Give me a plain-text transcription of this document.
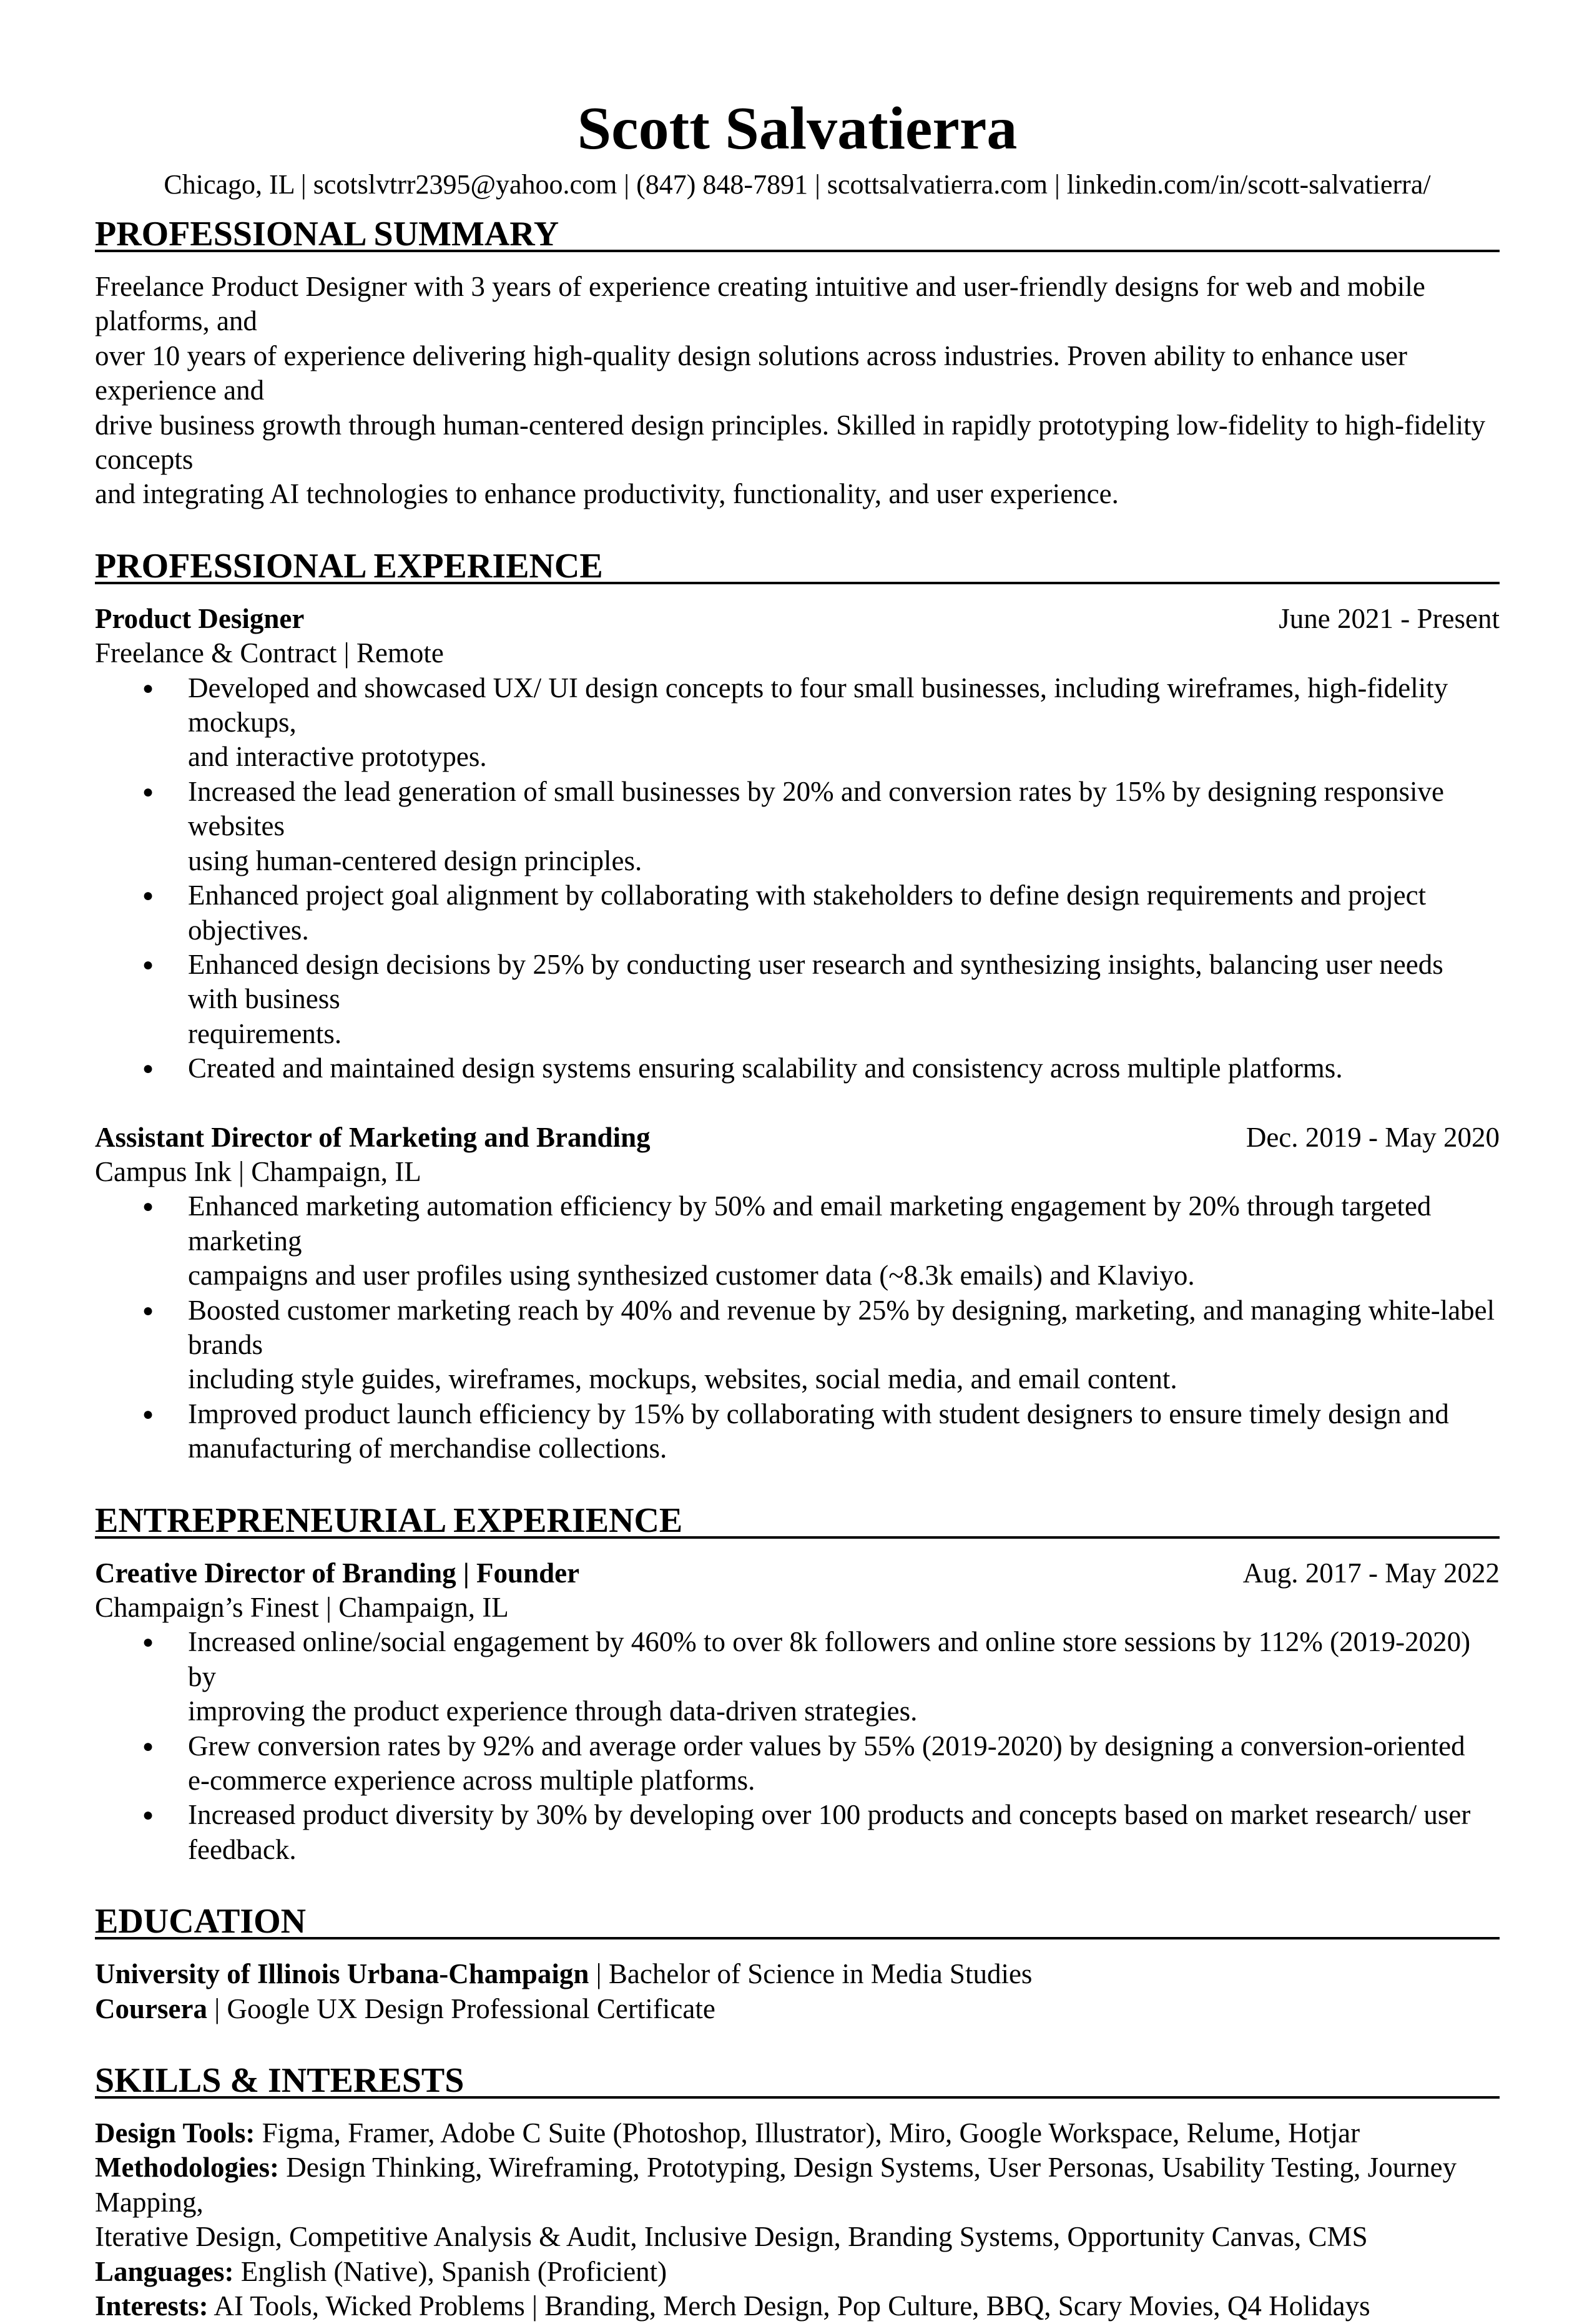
Scott Salvatierra
Chicago, IL | scotslvtrr2395@yahoo.com | (847) 848-7891 | scottsalvatierra.com | linkedin.com/in/scott-salvatierra/
PROFESSIONAL SUMMARY
Freelance Product Designer with 3 years of experience creating intuitive and user-friendly designs for web and mobile platforms, and
over 10 years of experience delivering high-quality design solutions across industries. Proven ability to enhance user experience and
drive business growth through human-centered design principles. Skilled in rapidly prototyping low-fidelity to high-fidelity concepts
and integrating AI technologies to enhance productivity, functionality, and user experience.
PROFESSIONAL EXPERIENCE
Product Designer	June 2021 - Present
Freelance & Contract | Remote
● Developed and showcased UX/ UI design concepts to four small businesses, including wireframes, high-fidelity mockups,
and interactive prototypes.
● Increased the lead generation of small businesses by 20% and conversion rates by 15% by designing responsive websites
using human-centered design principles.
● Enhanced project goal alignment by collaborating with stakeholders to define design requirements and project objectives.
● Enhanced design decisions by 25% by conducting user research and synthesizing insights, balancing user needs with business
requirements.
● Created and maintained design systems ensuring scalability and consistency across multiple platforms.
Assistant Director of Marketing and Branding	Dec. 2019 - May 2020
Campus Ink | Champaign, IL
● Enhanced marketing automation efficiency by 50% and email marketing engagement by 20% through targeted marketing
campaigns and user profiles using synthesized customer data (~8.3k emails) and Klaviyo.
● Boosted customer marketing reach by 40% and revenue by 25% by designing, marketing, and managing white-label brands
including style guides, wireframes, mockups, websites, social media, and email content.
● Improved product launch efficiency by 15% by collaborating with student designers to ensure timely design and
manufacturing of merchandise collections.
ENTREPRENEURIAL EXPERIENCE
Creative Director of Branding | Founder	Aug. 2017 - May 2022
Champaign’s Finest | Champaign, IL
● Increased online/social engagement by 460% to over 8k followers and online store sessions by 112% (2019-2020) by
improving the product experience through data-driven strategies.
● Grew conversion rates by 92% and average order values by 55% (2019-2020) by designing a conversion-oriented
e-commerce experience across multiple platforms.
● Increased product diversity by 30% by developing over 100 products and concepts based on market research/ user feedback.
EDUCATION
University of Illinois Urbana-Champaign | Bachelor of Science in Media Studies
Coursera | Google UX Design Professional Certificate
SKILLS & INTERESTS
Design Tools: Figma, Framer, Adobe C Suite (Photoshop, Illustrator), Miro, Google Workspace, Relume, Hotjar
Methodologies: Design Thinking, Wireframing, Prototyping, Design Systems, User Personas, Usability Testing, Journey Mapping,
Iterative Design, Competitive Analysis & Audit, Inclusive Design, Branding Systems, Opportunity Canvas, CMS
Languages: English (Native), Spanish (Proficient)
Interests: AI Tools, Wicked Problems | Branding, Merch Design, Pop Culture, BBQ, Scary Movies, Q4 Holidays
